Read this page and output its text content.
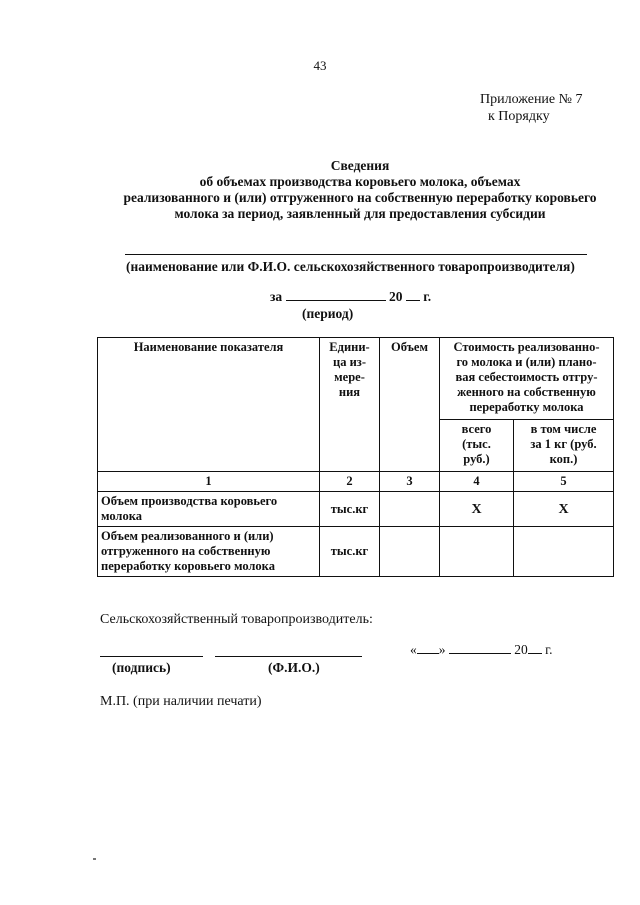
43
Приложение № 7
к Порядку
Сведения
об объемах производства коровьего молока, объемах
реализованного и (или) отгруженного на собственную переработку коровьего
молока за период, заявленный для предоставления субсидии
(наименование или Ф.И.О. сельскохозяйственного товаропроизводителя)
за	20 г.
(период)
Наименование показателя	Едини-
ца из-
мере-
ния	Объем	Стоимость реализованно-
го молока и (или) плано-
вая себестоимость отгру-
женного на собственную
переработку молока	
			всего
(тыс.
руб.)	в том числе
за 1 кг (руб.
коп.)
1	2	3	4	5
Объем производства коровьего молока	тыс.кг		Х	Х
Объем реализованного и (или) отгруженного на собственную переработку коровьего молока	тыс.кг			
Сельскохозяйственный товаропроизводитель:
(подпись)	(Ф.И.О.)
« »	20 г.
М.П. (при наличии печати)
